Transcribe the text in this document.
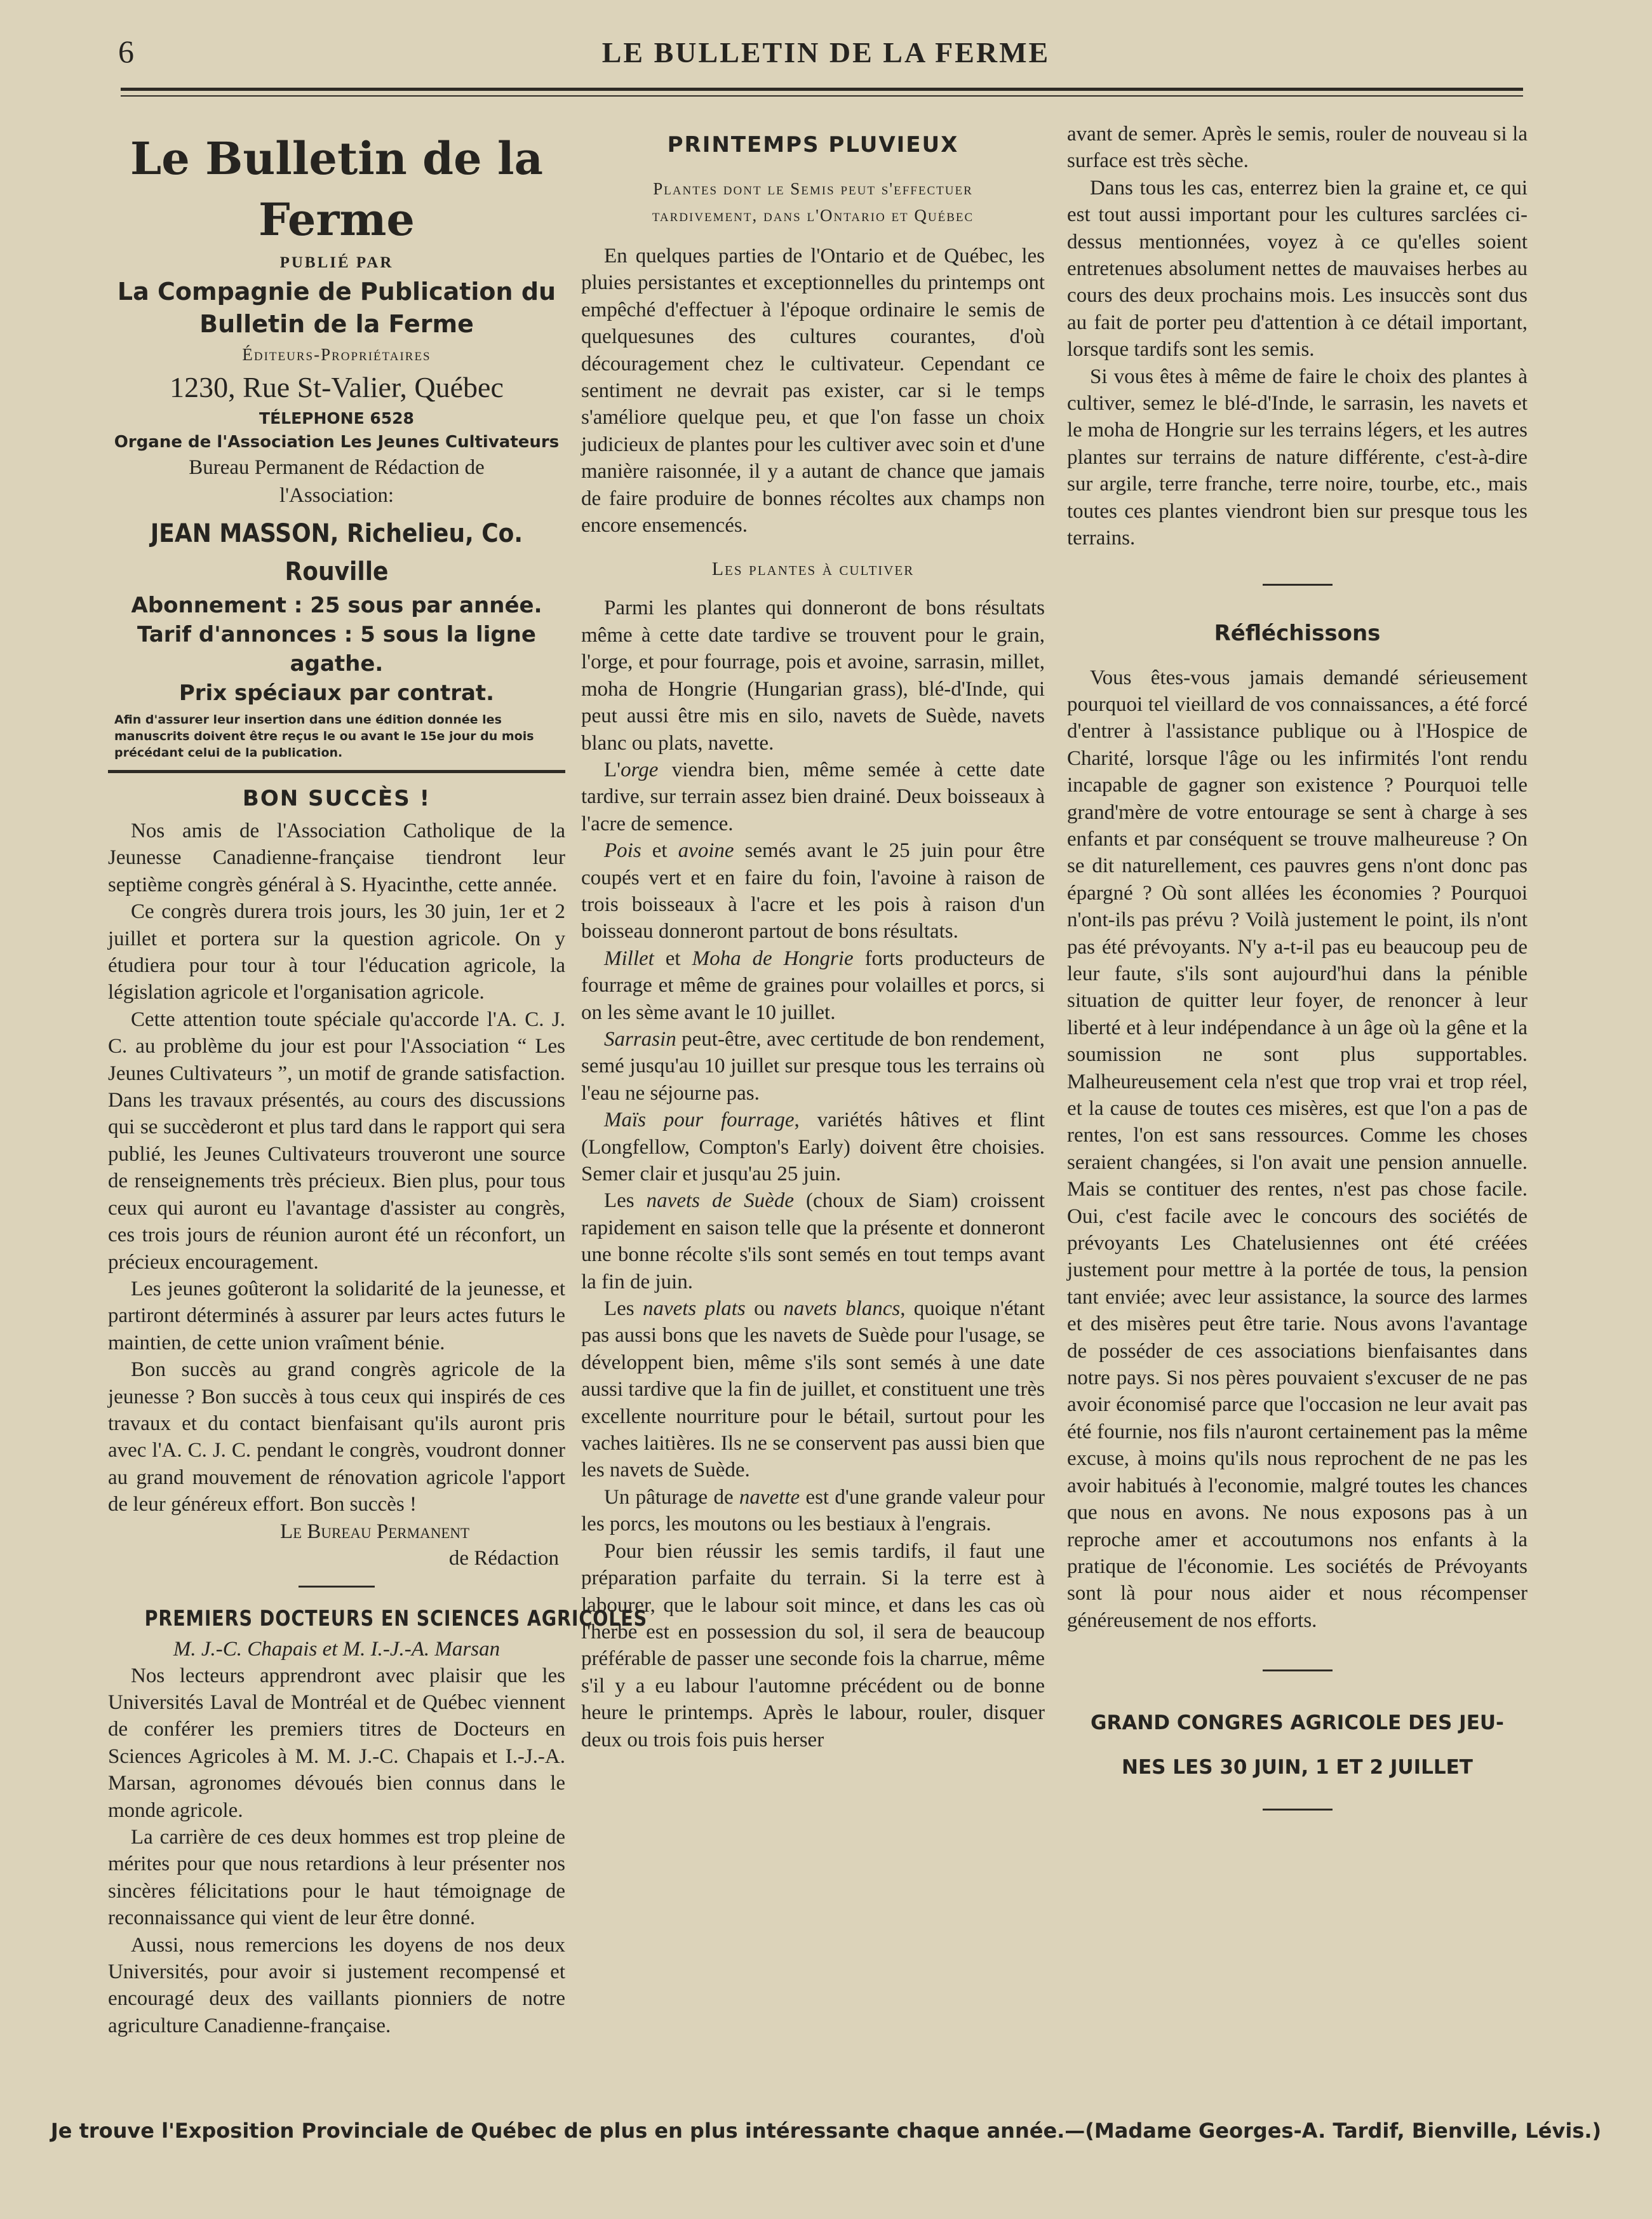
6	LE BULLETIN DE LA FERME
Le Bulletin de la Ferme
PUBLIÉ PAR
La Compagnie de Publication du
Bulletin de la Ferme
Éditeurs-Propriétaires
1230, Rue St-Valier, Québec
TÉLEPHONE 6528
Organe de l'Association Les Jeunes Cultivateurs
Bureau Permanent de Rédaction de
l'Association:
JEAN MASSON, Richelieu, Co. Rouville
Abonnement : 25 sous par année.
Tarif d'annonces : 5 sous la ligne agathe.
Prix spéciaux par contrat.
Afin d'assurer leur insertion dans une édition donnée les manuscrits doivent être reçus le ou avant le 15e jour du mois précédant celui de la publication.
BON SUCCÈS !

Nos amis de l'Association Catholique de la Jeunesse Canadienne-française tiendront leur septième congrès général à S. Hyacinthe, cette année.

Ce congrès durera trois jours, les 30 juin, 1er et 2 juillet et portera sur la question agricole. On y étudiera pour tour à tour l'éducation agricole, la législation agricole et l'organisation agricole.

Cette attention toute spéciale qu'accorde l'A. C. J. C. au problème du jour est pour l'Association “ Les Jeunes Cultivateurs ”, un motif de grande satisfaction. Dans les travaux présentés, au cours des discussions qui se succèderont et plus tard dans le rapport qui sera publié, les Jeunes Cultivateurs trouveront une source de renseignements très précieux. Bien plus, pour tous ceux qui auront eu l'avantage d'assister au congrès, ces trois jours de réunion auront été un réconfort, un précieux encouragement.

Les jeunes goûteront la solidarité de la jeunesse, et partiront déterminés à assurer par leurs actes futurs le maintien, de cette union vraîment bénie.

Bon succès au grand congrès agricole de la jeunesse ? Bon succès à tous ceux qui inspirés de ces travaux et du contact bienfaisant qu'ils auront pris avec l'A. C. J. C. pendant le congrès, voudront donner au grand mouvement de rénovation agricole l'apport de leur généreux effort. Bon succès !

Le Bureau Permanent
de Rédaction
PREMIERS DOCTEURS EN SCIENCES AGRICOLES
M. J.-C. Chapais et M. I.-J.-A. Marsan

Nos lecteurs apprendront avec plaisir que les Universités Laval de Montréal et de Québec viennent de conférer les premiers titres de Docteurs en Sciences Agricoles à M. M. J.-C. Chapais et I.-J.-A. Marsan, agronomes dévoués bien connus dans le monde agricole.

La carrière de ces deux hommes est trop pleine de mérites pour que nous retardions à leur présenter nos sincères félicitations pour le haut témoignage de reconnaissance qui vient de leur être donné.

Aussi, nous remercions les doyens de nos deux Universités, pour avoir si justement recompensé et encouragé deux des vaillants pionniers de notre agriculture Canadienne-française.

PRINTEMPS PLUVIEUX
Plantes dont le Semis peut s'effectuer tardivement, dans l'Ontario et Québec

En quelques parties de l'Ontario et de Québec, les pluies persistantes et exceptionnelles du printemps ont empêché d'effectuer à l'époque ordinaire le semis de quelquesunes des cultures courantes, d'où découragement chez le cultivateur. Cependant ce sentiment ne devrait pas exister, car si le temps s'améliore quelque peu, et que l'on fasse un choix judicieux de plantes pour les cultiver avec soin et d'une manière raisonnée, il y a autant de chance que jamais de faire produire de bonnes récoltes aux champs non encore ensemencés.

Les plantes à cultiver

Parmi les plantes qui donneront de bons résultats même à cette date tardive se trouvent pour le grain, l'orge, et pour fourrage, pois et avoine, sarrasin, millet, moha de Hongrie (Hungarian grass), blé-d'Inde, qui peut aussi être mis en silo, navets de Suède, navets blanc ou plats, navette.

L'orge viendra bien, même semée à cette date tardive, sur terrain assez bien drainé. Deux boisseaux à l'acre de semence.

Pois et avoine semés avant le 25 juin pour être coupés vert et en faire du foin, l'avoine à raison de trois boisseaux à l'acre et les pois à raison d'un boisseau donneront partout de bons résultats.

Millet et Moha de Hongrie forts producteurs de fourrage et même de graines pour volailles et porcs, si on les sème avant le 10 juillet.

Sarrasin peut-être, avec certitude de bon rendement, semé jusqu'au 10 juillet sur presque tous les terrains où l'eau ne séjourne pas.

Maïs pour fourrage, variétés hâtives et flint (Longfellow, Compton's Early) doivent être choisies. Semer clair et jusqu'au 25 juin.

Les navets de Suède (choux de Siam) croissent rapidement en saison telle que la présente et donneront une bonne récolte s'ils sont semés en tout temps avant la fin de juin.

Les navets plats ou navets blancs, quoique n'étant pas aussi bons que les navets de Suède pour l'usage, se développent bien, même s'ils sont semés à une date aussi tardive que la fin de juillet, et constituent une très excellente nourriture pour le bétail, surtout pour les vaches laitières. Ils ne se conservent pas aussi bien que les navets de Suède.

Un pâturage de navette est d'une grande valeur pour les porcs, les moutons ou les bestiaux à l'engrais.

Pour bien réussir les semis tardifs, il faut une préparation parfaite du terrain. Si la terre est à labourer, que le labour soit mince, et dans les cas où l'herbe est en possession du sol, il sera de beaucoup préférable de passer une seconde fois la charrue, même s'il y a eu labour l'automne précédent ou de bonne heure le printemps. Après le labour, rouler, disquer deux ou trois fois puis herser

avant de semer. Après le semis, rouler de nouveau si la surface est très sèche.

Dans tous les cas, enterrez bien la graine et, ce qui est tout aussi important pour les cultures sarclées ci-dessus mentionnées, voyez à ce qu'elles soient entretenues absolument nettes de mauvaises herbes au cours des deux prochains mois. Les insuccès sont dus au fait de porter peu d'attention à ce détail important, lorsque tardifs sont les semis.

Si vous êtes à même de faire le choix des plantes à cultiver, semez le blé-d'Inde, le sarrasin, les navets et le moha de Hongrie sur les terrains légers, et les autres plantes sur terrains de nature différente, c'est-à-dire sur argile, terre franche, terre noire, tourbe, etc., mais toutes ces plantes viendront bien sur presque tous les terrains.

Réfléchissons

Vous êtes-vous jamais demandé sérieusement pourquoi tel vieillard de vos connaissances, a été forcé d'entrer à l'assistance publique ou à l'Hospice de Charité, lorsque l'âge ou les infirmités l'ont rendu incapable de gagner son existence ? Pourquoi telle grand'mère de votre entourage se sent à charge à ses enfants et par conséquent se trouve malheureuse ? On se dit naturellement, ces pauvres gens n'ont donc pas épargné ? Où sont allées les économies ? Pourquoi n'ont-ils pas prévu ? Voilà justement le point, ils n'ont pas été prévoyants. N'y a-t-il pas eu beaucoup peu de leur faute, s'ils sont aujourd'hui dans la pénible situation de quitter leur foyer, de renoncer à leur liberté et à leur indépendance à un âge où la gêne et la soumission ne sont plus supportables. Malheureusement cela n'est que trop vrai et trop réel, et la cause de toutes ces misères, est que l'on a pas de rentes, l'on est sans ressources. Comme les choses seraient changées, si l'on avait une pension annuelle. Mais se contituer des rentes, n'est pas chose facile. Oui, c'est facile avec le concours des sociétés de prévoyants Les Chatelusiennes ont été créées justement pour mettre à la portée de tous, la pension tant enviée; avec leur assistance, la source des larmes et des misères peut être tarie. Nous avons l'avantage de posséder de ces associations bienfaisantes dans notre pays. Si nos pères pouvaient s'excuser de ne pas avoir économisé parce que l'occasion ne leur avait pas été fournie, nos fils n'auront certainement pas la même excuse, à moins qu'ils nous reprochent de ne pas les avoir habitués à l'economie, malgré toutes les chances que nous en avons. Ne nous exposons pas à un reproche amer et accoutumons nos enfants à la pratique de l'économie. Les sociétés de Prévoyants sont là pour nous aider et nous récompenser généreusement de nos efforts.

GRAND CONGRES AGRICOLE DES JEU-
NES LES 30 JUIN, 1 ET 2 JUILLET
Je trouve l'Exposition Provinciale de Québec de plus en plus intéressante chaque année.—(Madame Georges-A. Tardif, Bienville, Lévis.)
